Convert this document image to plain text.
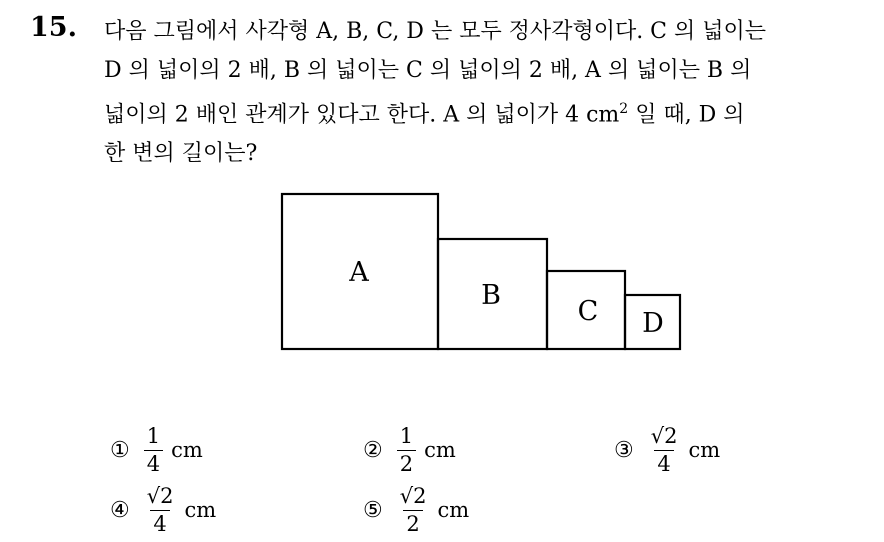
15. 다음 그림에서 사각형 A, B, C, D 는 모두 정사각형이다. C 의 넓이는
D 의 넓이의 2 배, B 의 넓이는 C 의 넓이의 2 배, A 의 넓이는 B 의
넓이의 2 배인 관계가 있다고 한다. A 의 넓이가 4 $cm^2$ 일 때, D 의
한 변의 길이는?
A
B
C D
① $\frac{1}{4}$ cm	② $\frac{1}{2}$ cm	③ $\frac{√2}{4}$ cm
④ $\frac{√2}{4}$ cm	⑤ $\frac{√2}{2}$ cm
